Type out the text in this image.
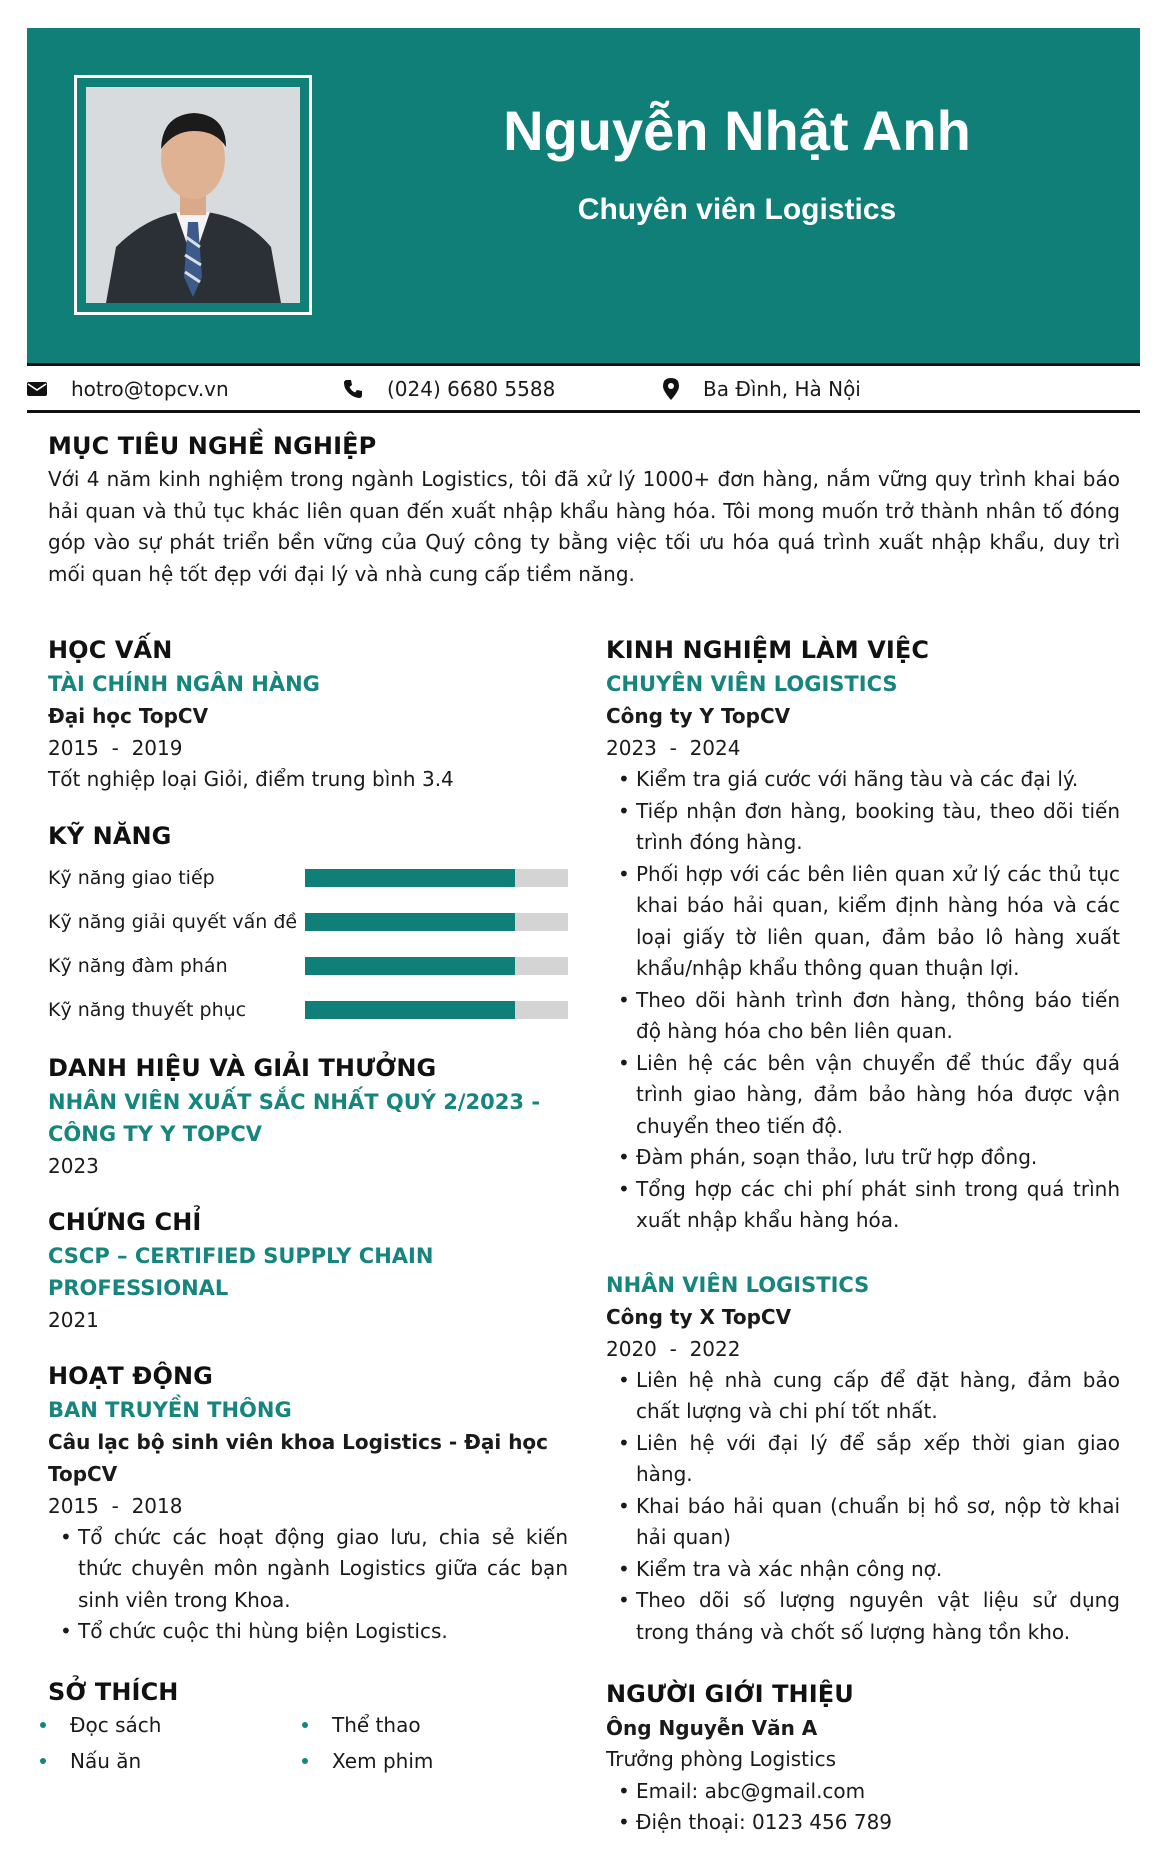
Nguyễn Nhật Anh
Chuyên viên Logistics
hotro@topcv.vn	(024) 6680 5588	Ba Đình, Hà Nội
MỤC TIÊU NGHỀ NGHIỆP
Với 4 năm kinh nghiệm trong ngành Logistics, tôi đã xử lý 1000+ đơn hàng, nắm vững quy trình khai báo hải quan và thủ tục khác liên quan đến xuất nhập khẩu hàng hóa. Tôi mong muốn trở thành nhân tố đóng góp vào sự phát triển bền vững của Quý công ty bằng việc tối ưu hóa quá trình xuất nhập khẩu, duy trì mối quan hệ tốt đẹp với đại lý và nhà cung cấp tiềm năng.
HỌC VẤN
TÀI CHÍNH NGÂN HÀNG
Đại học TopCV
2015  -  2019
Tốt nghiệp loại Giỏi, điểm trung bình 3.4
KỸ NĂNG
Kỹ năng giao tiếp
Kỹ năng giải quyết vấn đề
Kỹ năng đàm phán
Kỹ năng thuyết phục
DANH HIỆU VÀ GIẢI THƯỞNG
NHÂN VIÊN XUẤT SẮC NHẤT QUÝ 2/2023 - CÔNG TY Y TOPCV
2023
CHỨNG CHỈ
CSCP – CERTIFIED SUPPLY CHAIN PROFESSIONAL
2021
HOẠT ĐỘNG
BAN TRUYỀN THÔNG
Câu lạc bộ sinh viên khoa Logistics - Đại học TopCV
2015  -  2018
• Tổ chức các hoạt động giao lưu, chia sẻ kiến thức chuyên môn ngành Logistics giữa các bạn sinh viên trong Khoa.
• Tổ chức cuộc thi hùng biện Logistics.
SỞ THÍCH
Đọc sách	Thể thao
Nấu ăn	Xem phim
KINH NGHIỆM LÀM VIỆC
CHUYÊN VIÊN LOGISTICS
Công ty Y TopCV
2023  -  2024
• Kiểm tra giá cước với hãng tàu và các đại lý.
• Tiếp nhận đơn hàng, booking tàu, theo dõi tiến trình đóng hàng.
• Phối hợp với các bên liên quan xử lý các thủ tục khai báo hải quan, kiểm định hàng hóa và các loại giấy tờ liên quan, đảm bảo lô hàng xuất khẩu/nhập khẩu thông quan thuận lợi.
• Theo dõi hành trình đơn hàng, thông báo tiến độ hàng hóa cho bên liên quan.
• Liên hệ các bên vận chuyển để thúc đẩy quá trình giao hàng, đảm bảo hàng hóa được vận chuyển theo tiến độ.
• Đàm phán, soạn thảo, lưu trữ hợp đồng.
• Tổng hợp các chi phí phát sinh trong quá trình xuất nhập khẩu hàng hóa.
NHÂN VIÊN LOGISTICS
Công ty X TopCV
2020  -  2022
• Liên hệ nhà cung cấp để đặt hàng, đảm bảo chất lượng và chi phí tốt nhất.
• Liên hệ với đại lý để sắp xếp thời gian giao hàng.
• Khai báo hải quan (chuẩn bị hồ sơ, nộp tờ khai hải quan)
• Kiểm tra và xác nhận công nợ.
• Theo dõi số lượng nguyên vật liệu sử dụng trong tháng và chốt số lượng hàng tồn kho.
NGƯỜI GIỚI THIỆU
Ông Nguyễn Văn A
Trưởng phòng Logistics
• Email: abc@gmail.com
• Điện thoại: 0123 456 789
